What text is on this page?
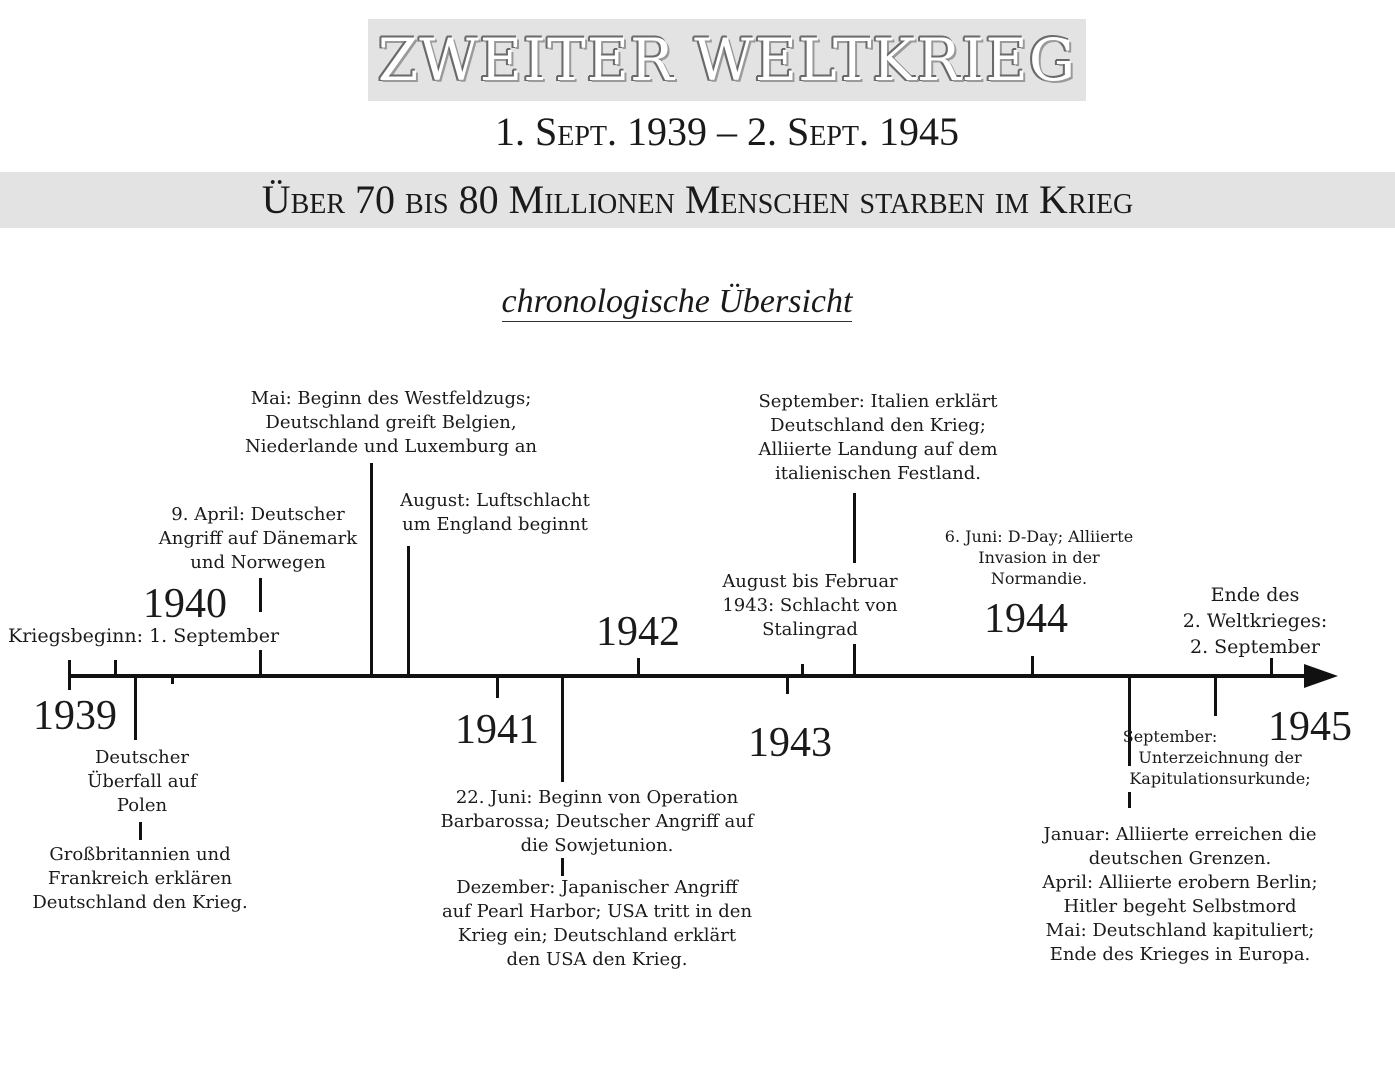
ZWEITER WELTKRIEG
1. Sept. 1939 – 2. Sept. 1945
Über 70 bis 80 Millionen Menschen starben im Krieg
chronologische Übersicht
1939
1940
1941
1942
1943
1944
1945
Kriegsbeginn: 1. September
Deutscher
Überfall auf
Polen
Großbritannien und
Frankreich erklären
Deutschland den Krieg.
9. April: Deutscher
Angriff auf Dänemark
und Norwegen
Mai: Beginn des Westfeldzugs;
Deutschland greift Belgien,
Niederlande und Luxemburg an
August: Luftschlacht
um England beginnt
22. Juni: Beginn von Operation
Barbarossa; Deutscher Angriff auf
die Sowjetunion.
Dezember: Japanischer Angriff
auf Pearl Harbor; USA tritt in den
Krieg ein; Deutschland erklärt
den USA den Krieg.
August bis Februar
1943: Schlacht von
Stalingrad
September: Italien erklärt
Deutschland den Krieg;
Alliierte Landung auf dem
italienischen Festland.
6. Juni: D-Day; Alliierte
Invasion in der
Normandie.
Ende des
2. Weltkrieges:
2. September
September:
Unterzeichnung der
Kapitulationsurkunde;
Januar: Alliierte erreichen die
deutschen Grenzen.
April: Alliierte erobern Berlin;
Hitler begeht Selbstmord
Mai: Deutschland kapituliert;
Ende des Krieges in Europa.
